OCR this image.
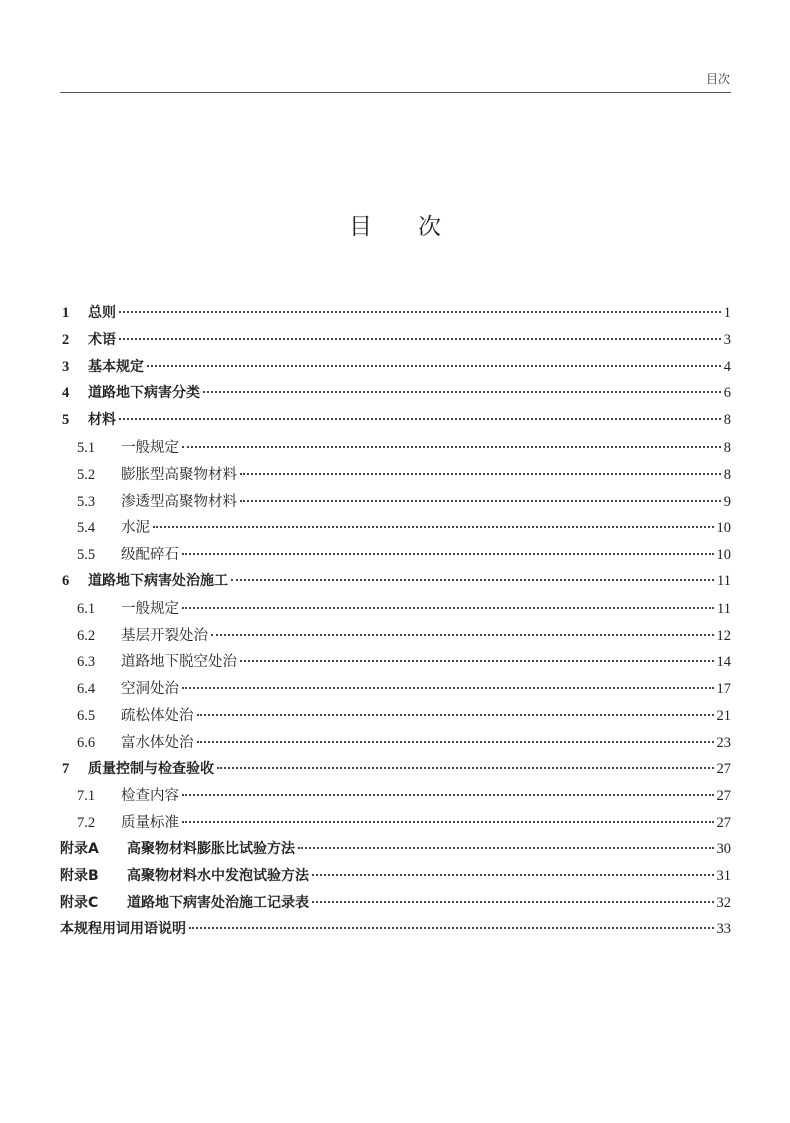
目次
目 次
1	总则	1
2	术语	3
3	基本规定	4
4	道路地下病害分类	6
5	材料	8
5.1	一般规定	8
5.2	膨胀型高聚物材料	8
5.3	渗透型高聚物材料	9
5.4	水泥	10
5.5	级配碎石	10
6	道路地下病害处治施工	11
6.1	一般规定	11
6.2	基层开裂处治	12
6.3	道路地下脱空处治	14
6.4	空洞处治	17
6.5	疏松体处治	21
6.6	富水体处治	23
7	质量控制与检查验收	27
7.1	检查内容	27
7.2	质量标准	27
附录A	高聚物材料膨胀比试验方法	30
附录B	高聚物材料水中发泡试验方法	31
附录C	道路地下病害处治施工记录表	32
本规程用词用语说明	33
